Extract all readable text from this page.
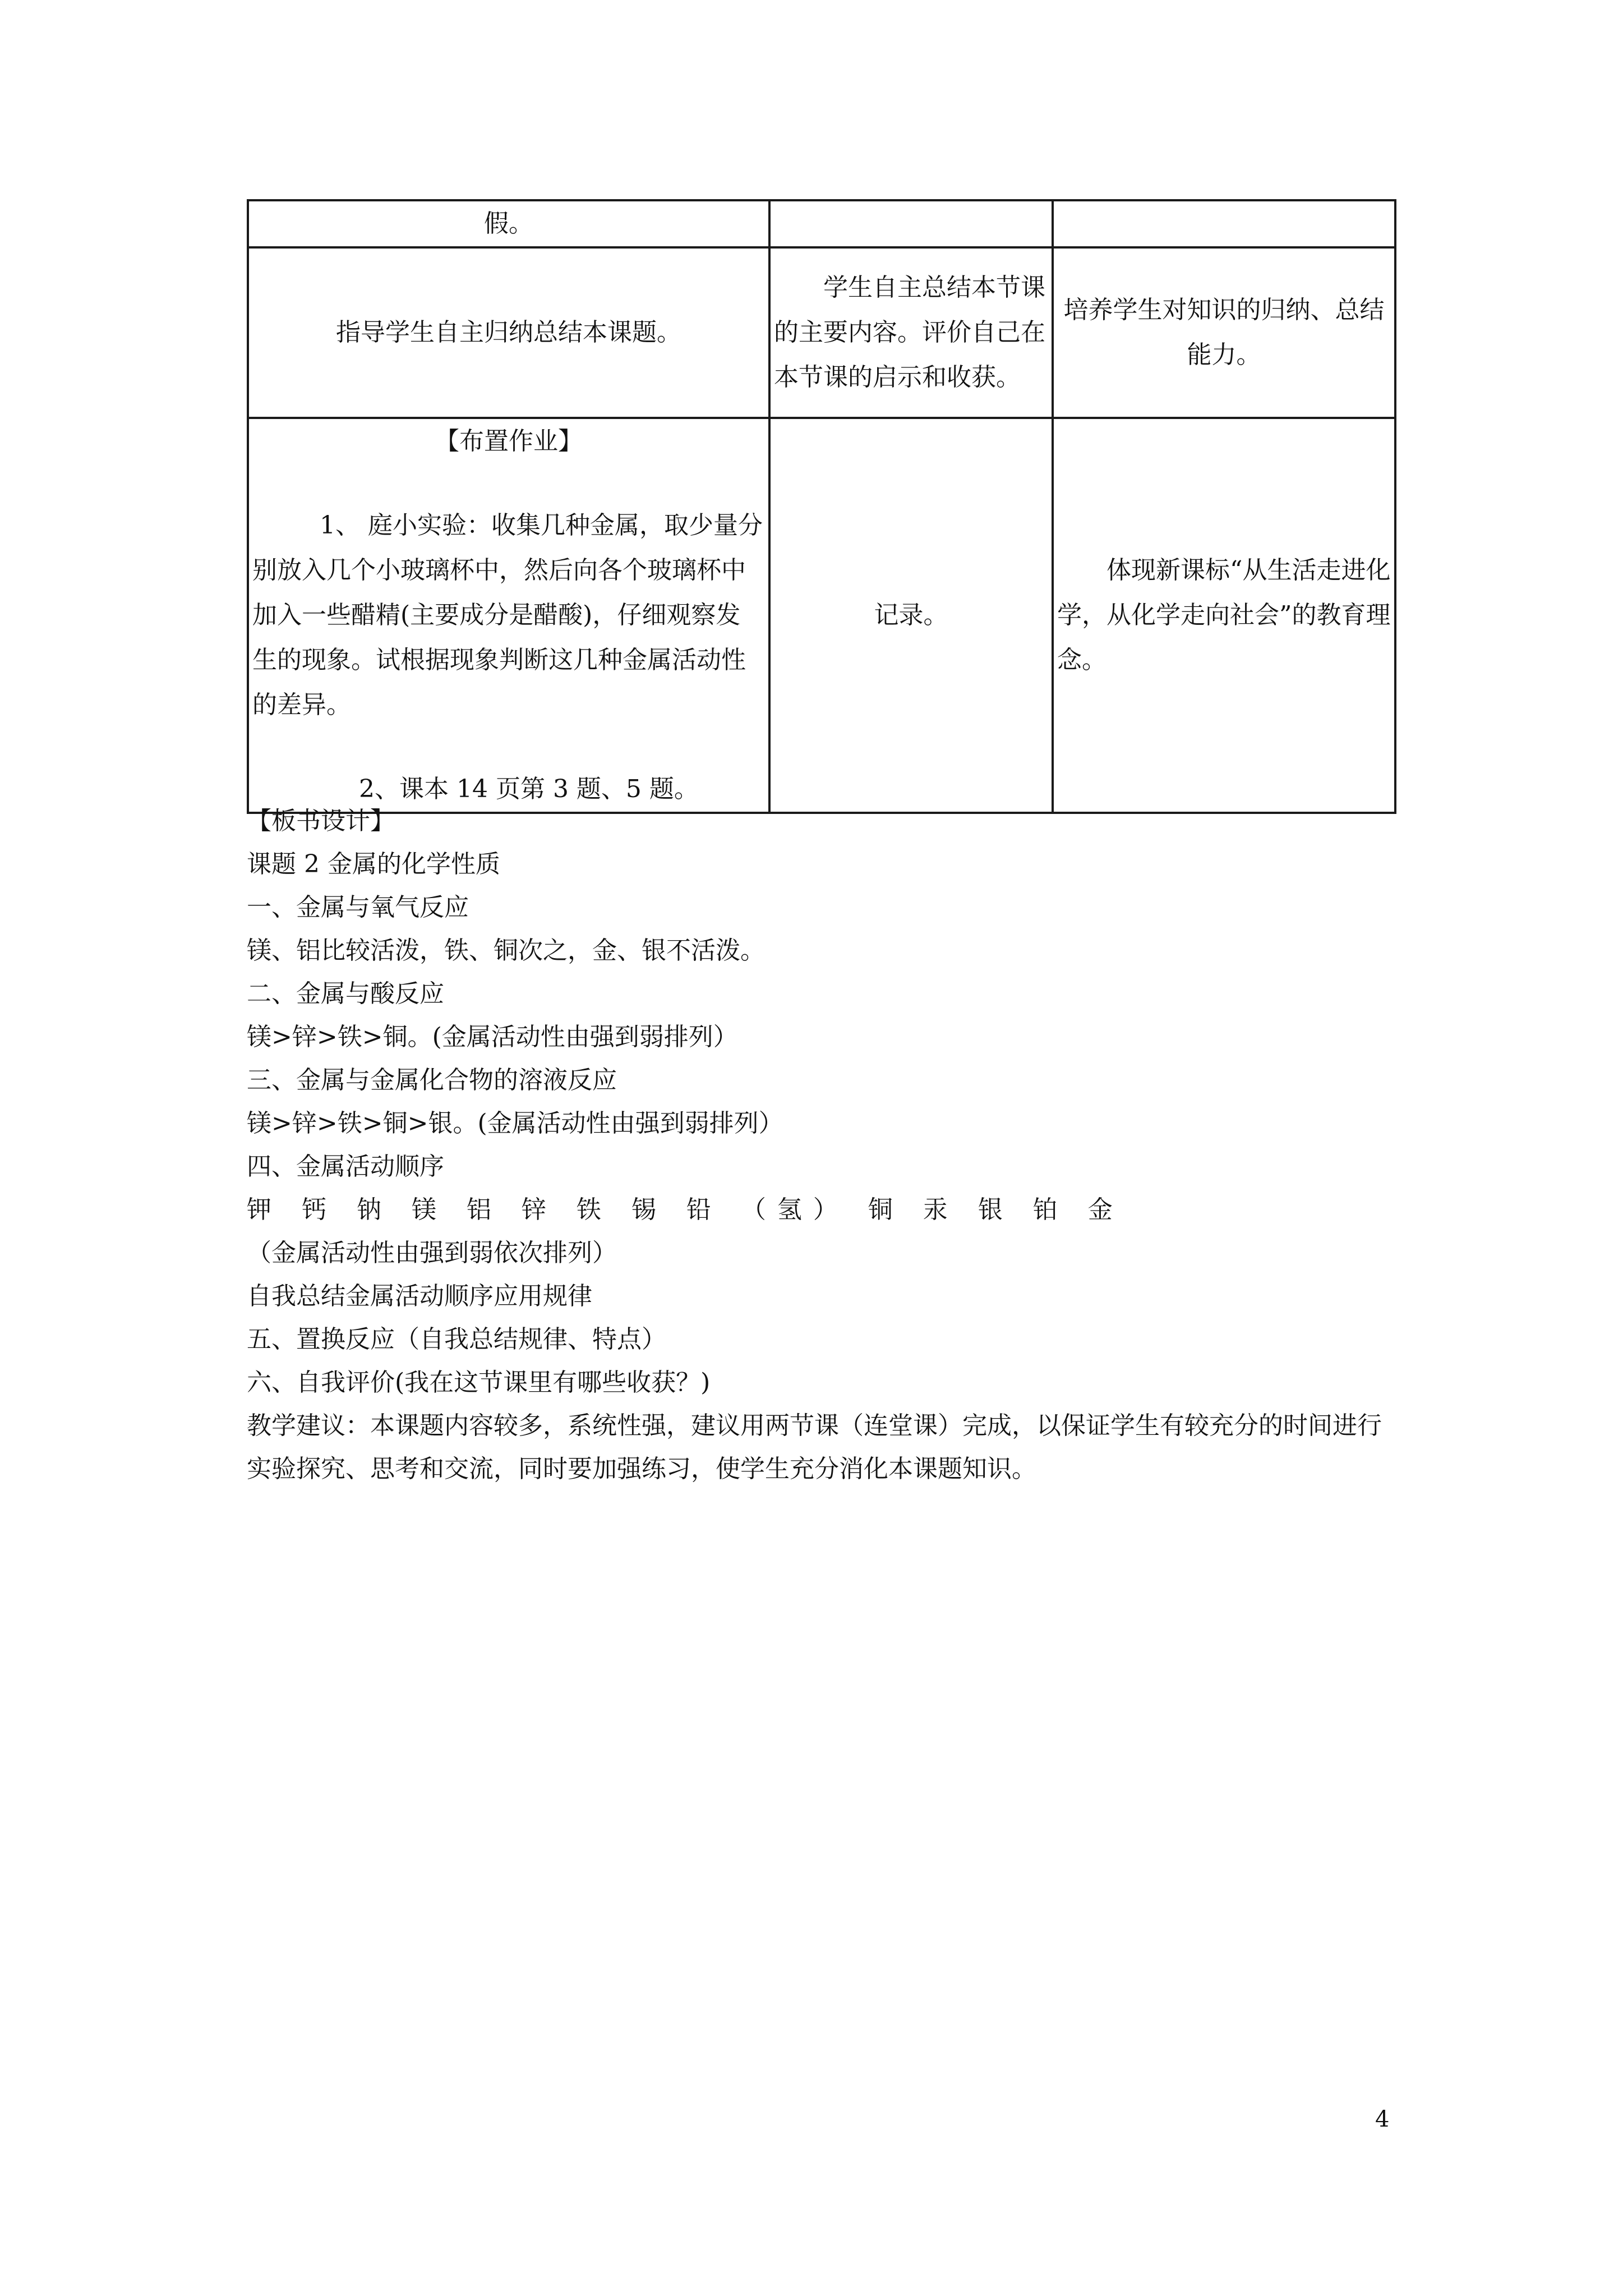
假。		
指导学生自主归纳总结本课题。	学生自主总结本节课的主要内容。评价自己在本节课的启示和收获。	培养学生对知识的归纳、总结能力。

【布置作业】
1、 庭小实验：收集几种金属，取少量分别放入几个小玻璃杯中，然后向各个玻璃杯中加入一些醋精(主要成分是醋酸)，仔细观察发生的现象。试根据现象判断这几种金属活动性的差异。
2、课本 14 页第 3 题、5 题。	记录。	体现新课标“从生活走进化学，从化学走向社会”的教育理念。
【板书设计】
课题 2 金属的化学性质
一、金属与氧气反应
镁、铝比较活泼，铁、铜次之，金、银不活泼。
二、金属与酸反应
镁>锌>铁>铜。(金属活动性由强到弱排列）
三、金属与金属化合物的溶液反应
镁>锌>铁>铜>银。(金属活动性由强到弱排列）
四、金属活动顺序
钾 钙 钠 镁 铝 锌 铁 锡 铅 （氢） 铜 汞 银 铂 金
（金属活动性由强到弱依次排列）
自我总结金属活动顺序应用规律
五、置换反应（自我总结规律、特点）
六、自我评价(我在这节课里有哪些收获？)
教学建议：本课题内容较多，系统性强，建议用两节课（连堂课）完成，以保证学生有较充分的时间进行实验探究、思考和交流，同时要加强练习，使学生充分消化本课题知识。
4
